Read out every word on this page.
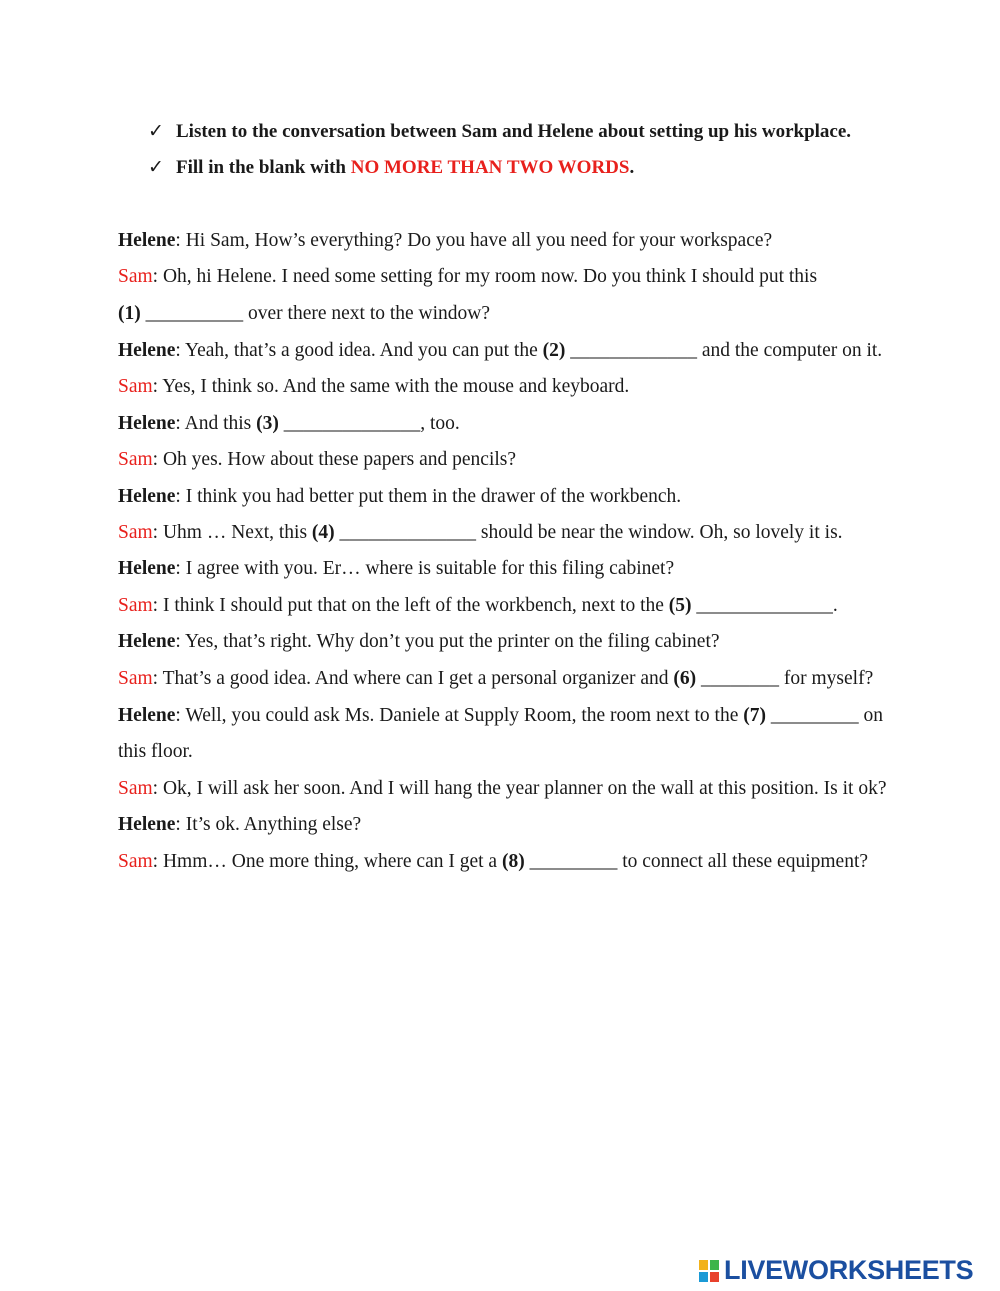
✓ Listen to the conversation between Sam and Helene about setting up his workplace.
✓ Fill in the blank with NO MORE THAN TWO WORDS.
Helene: Hi Sam, How’s everything? Do you have all you need for your workspace?
Sam: Oh, hi Helene. I need some setting for my room now. Do you think I should put this
(1) __________ over there next to the window?
Helene: Yeah, that’s a good idea. And you can put the (2) _____________ and the computer on it.
Sam: Yes, I think so. And the same with the mouse and keyboard.
Helene: And this (3) ______________, too.
Sam: Oh yes. How about these papers and pencils?
Helene: I think you had better put them in the drawer of the workbench.
Sam: Uhm … Next, this (4) ______________ should be near the window. Oh, so lovely it is.
Helene: I agree with you. Er… where is suitable for this filing cabinet?
Sam: I think I should put that on the left of the workbench, next to the (5) ______________.
Helene: Yes, that’s right. Why don’t you put the printer on the filing cabinet?
Sam: That’s a good idea. And where can I get a personal organizer and (6) ________ for myself?
Helene: Well, you could ask Ms. Daniele at Supply Room, the room next to the (7) _________ on
this floor.
Sam: Ok, I will ask her soon. And I will hang the year planner on the wall at this position. Is it ok?
Helene: It’s ok. Anything else?
Sam: Hmm… One more thing, where can I get a (8) _________ to connect all these equipment?
LIVEWORKSHEETS
